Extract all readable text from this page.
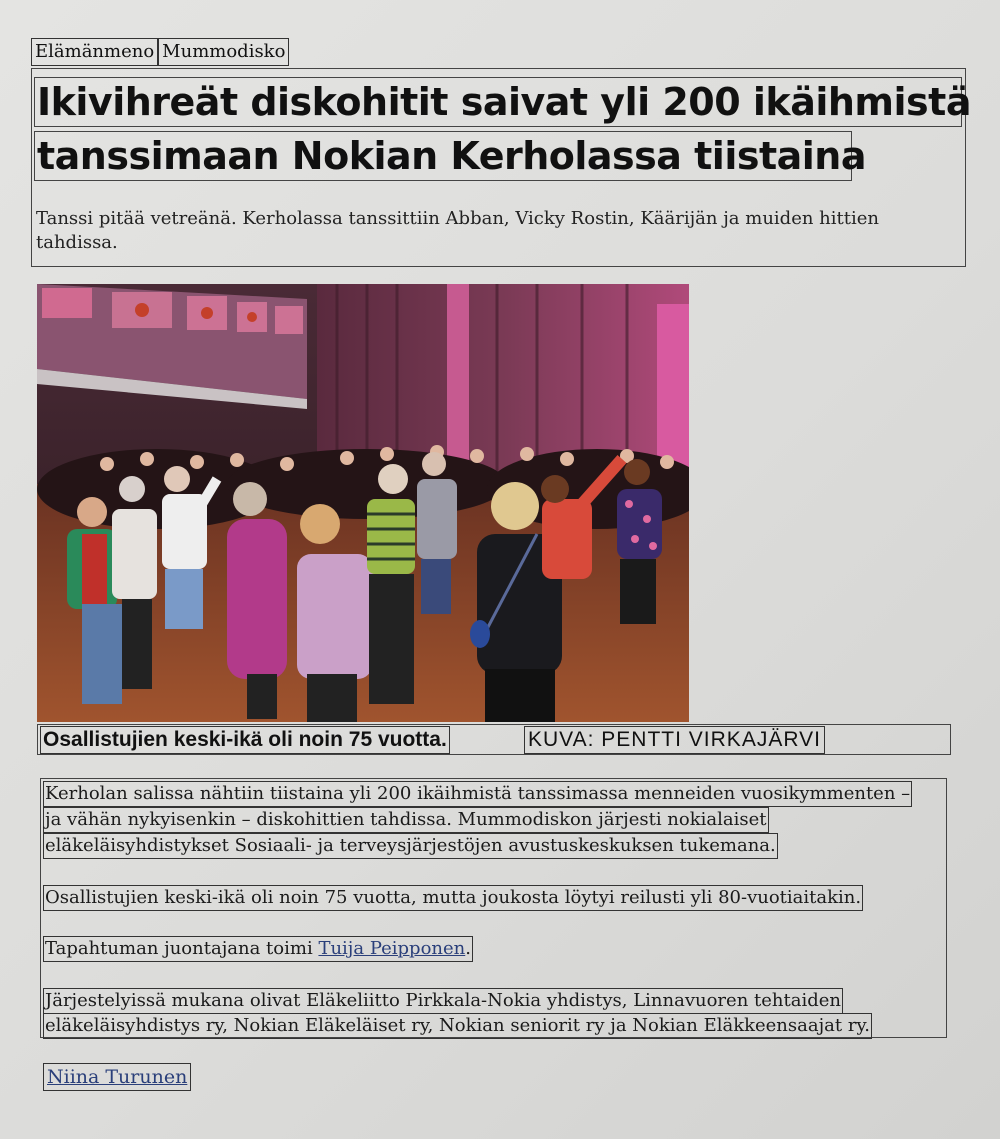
Elämänmeno Mummodisko
Ikivihreät diskohitit saivat yli 200 ikäihmistä
tanssimaan Nokian Kerholassa tiistaina
Tanssi pitää vetreänä. Kerholassa tanssittiin Abban, Vicky Rostin, Käärijän ja muiden hittien tahdissa.
Osallistujien keski-ikä oli noin 75 vuotta.	KUVA: PENTTI VIRKAJÄRVI
Kerholan salissa nähtiin tiistaina yli 200 ikäihmistä tanssimassa menneiden vuosikymmenten –
ja vähän nykyisenkin – diskohittien tahdissa. Mummodiskon järjesti nokialaiset
eläkeläisyhdistykset Sosiaali- ja terveysjärjestöjen avustuskeskuksen tukemana.
Osallistujien keski-ikä oli noin 75 vuotta, mutta joukosta löytyi reilusti yli 80-vuotiaitakin.
Tapahtuman juontajana toimi Tuija Peipponen.
Järjestelyissä mukana olivat Eläkeliitto Pirkkala-Nokia yhdistys, Linnavuoren tehtaiden
eläkeläisyhdistys ry, Nokian Eläkeläiset ry, Nokian seniorit ry ja Nokian Eläkkeensaajat ry.
Niina Turunen
